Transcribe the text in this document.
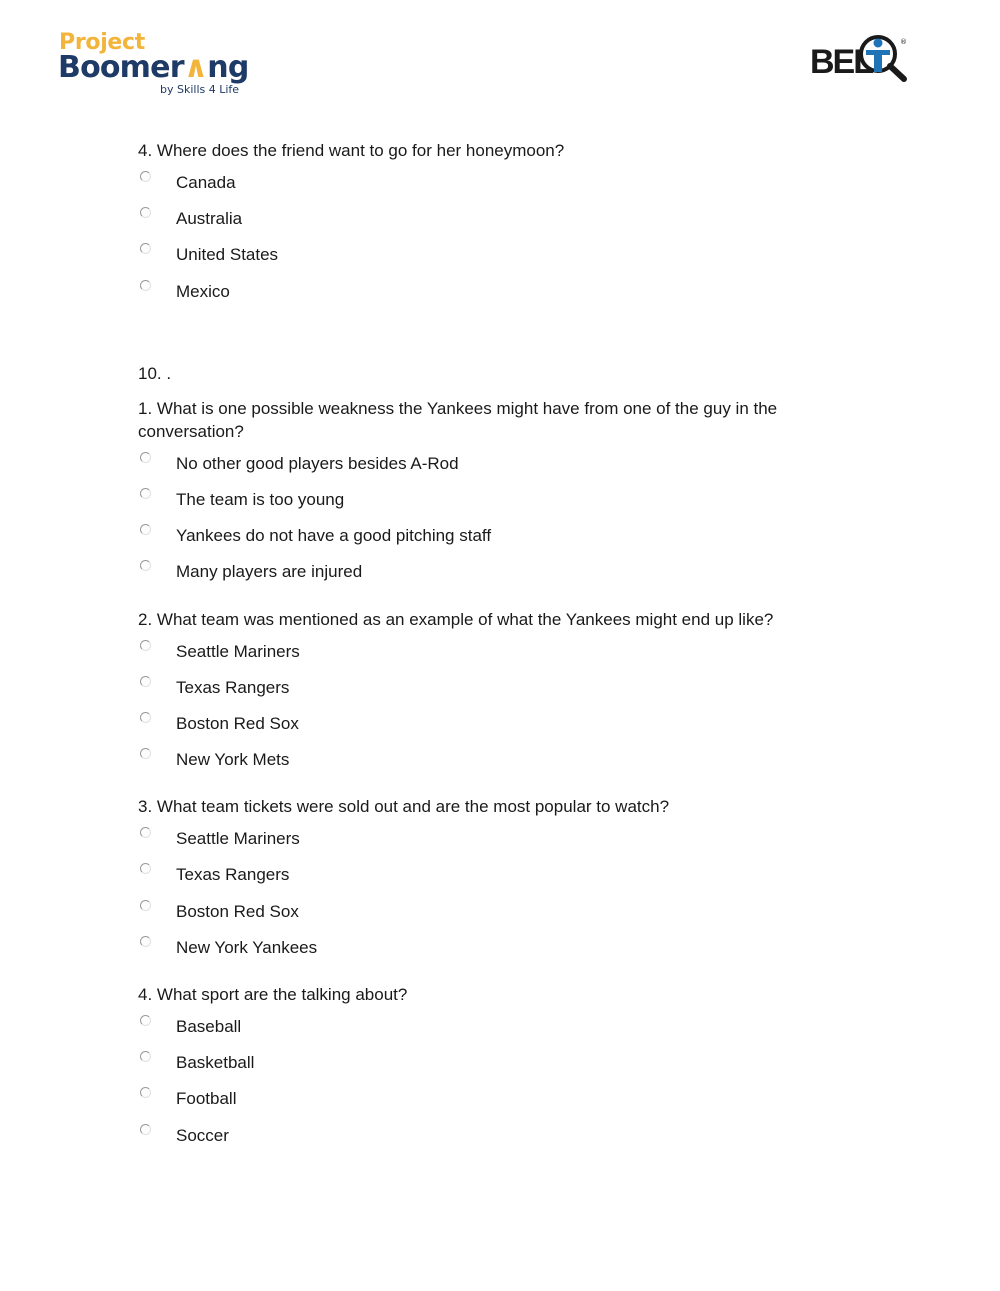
Project
Boomer∧ng
by Skills 4 Life
BEL
®
4. Where does the friend want to go for her honeymoon?
Canada
Australia
United States
Mexico
10. .
1. What is one possible weakness the Yankees might have from one of the guy in the conversation?
No other good players besides A-Rod
The team is too young
Yankees do not have a good pitching staff
Many players are injured
2. What team was mentioned as an example of what the Yankees might end up like?
Seattle Mariners
Texas Rangers
Boston Red Sox
New York Mets
3. What team tickets were sold out and are the most popular to watch?
Seattle Mariners
Texas Rangers
Boston Red Sox
New York Yankees
4. What sport are the talking about?
Baseball
Basketball
Football
Soccer
